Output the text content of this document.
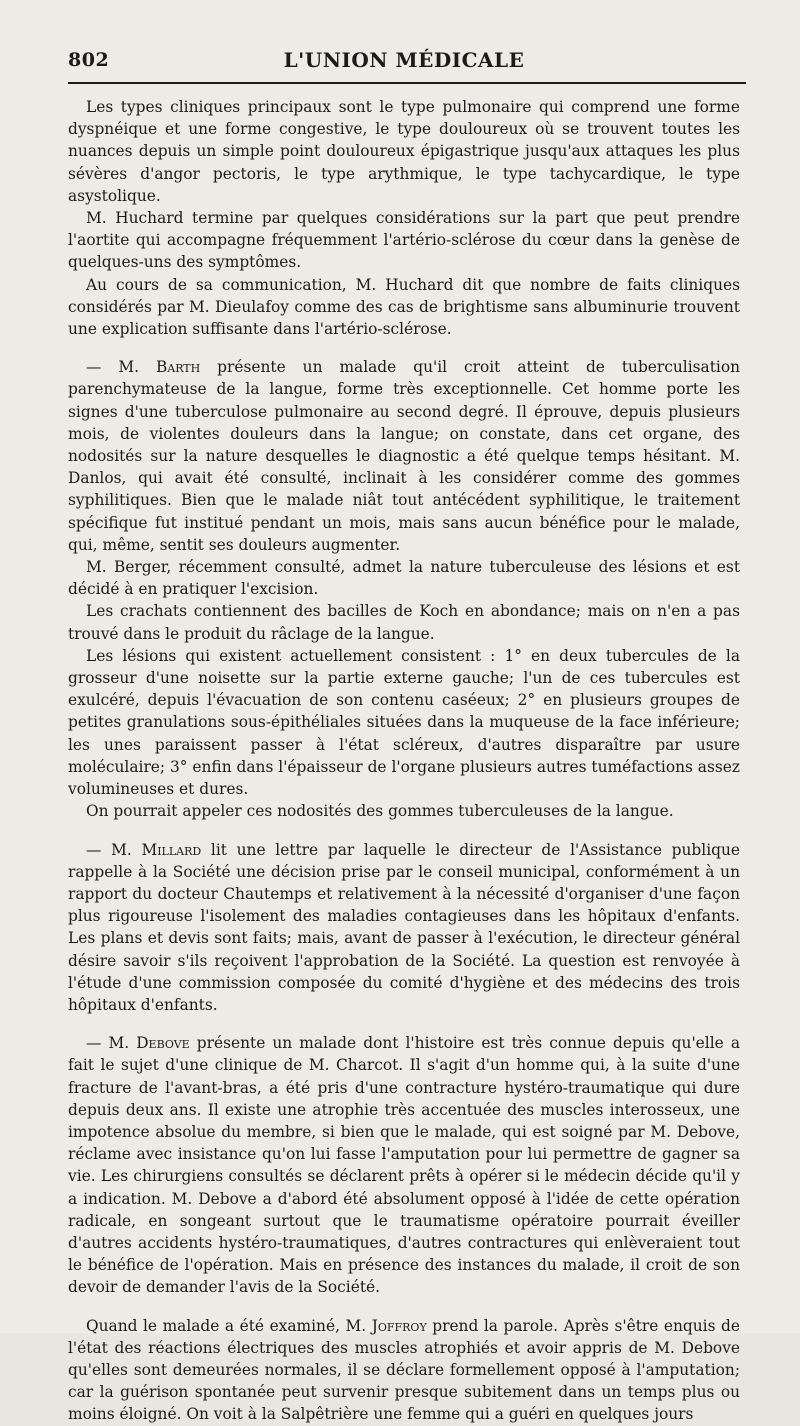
802	L'UNION MÉDICALE

Les types cliniques principaux sont le type pulmonaire qui comprend une forme dyspnéique et une forme congestive, le type douloureux où se trouvent toutes les nuances depuis un simple point douloureux épigastrique jusqu'aux attaques les plus sévères d'angor pectoris, le type arythmique, le type tachycardique, le type asystolique.

M. Huchard termine par quelques considérations sur la part que peut prendre l'aortite qui accompagne fréquemment l'artério-sclérose du cœur dans la genèse de quelques-uns des symptômes.

Au cours de sa communication, M. Huchard dit que nombre de faits cliniques considérés par M. Dieulafoy comme des cas de brightisme sans albuminurie trouvent une explication suffisante dans l'artério-sclérose.

— M. Barth présente un malade qu'il croit atteint de tuberculisation parenchymateuse de la langue, forme très exceptionnelle. Cet homme porte les signes d'une tuberculose pulmonaire au second degré. Il éprouve, depuis plusieurs mois, de violentes douleurs dans la langue; on constate, dans cet organe, des nodosités sur la nature desquelles le diagnostic a été quelque temps hésitant. M. Danlos, qui avait été consulté, inclinait à les considérer comme des gommes syphilitiques. Bien que le malade niât tout antécédent syphilitique, le traitement spécifique fut institué pendant un mois, mais sans aucun bénéfice pour le malade, qui, même, sentit ses douleurs augmenter.

M. Berger, récemment consulté, admet la nature tuberculeuse des lésions et est décidé à en pratiquer l'excision.

Les crachats contiennent des bacilles de Koch en abondance; mais on n'en a pas trouvé dans le produit du râclage de la langue.

Les lésions qui existent actuellement consistent : 1° en deux tubercules de la grosseur d'une noisette sur la partie externe gauche; l'un de ces tubercules est exulcéré, depuis l'évacuation de son contenu caséeux; 2° en plusieurs groupes de petites granulations sous-épithéliales situées dans la muqueuse de la face inférieure; les unes paraissent passer à l'état scléreux, d'autres disparaître par usure moléculaire; 3° enfin dans l'épaisseur de l'organe plusieurs autres tuméfactions assez volumineuses et dures.

On pourrait appeler ces nodosités des gommes tuberculeuses de la langue.

— M. Millard lit une lettre par laquelle le directeur de l'Assistance publique rappelle à la Société une décision prise par le conseil municipal, conformément à un rapport du docteur Chautemps et relativement à la nécessité d'organiser d'une façon plus rigoureuse l'isolement des maladies contagieuses dans les hôpitaux d'enfants. Les plans et devis sont faits; mais, avant de passer à l'exécution, le directeur général désire savoir s'ils reçoivent l'approbation de la Société. La question est renvoyée à l'étude d'une commission composée du comité d'hygiène et des médecins des trois hôpitaux d'enfants.

— M. Debove présente un malade dont l'histoire est très connue depuis qu'elle a fait le sujet d'une clinique de M. Charcot. Il s'agit d'un homme qui, à la suite d'une fracture de l'avant-bras, a été pris d'une contracture hystéro-traumatique qui dure depuis deux ans. Il existe une atrophie très accentuée des muscles interosseux, une impotence absolue du membre, si bien que le malade, qui est soigné par M. Debove, réclame avec insistance qu'on lui fasse l'amputation pour lui permettre de gagner sa vie. Les chirurgiens consultés se déclarent prêts à opérer si le médecin décide qu'il y a indication. M. Debove a d'abord été absolument opposé à l'idée de cette opération radicale, en songeant surtout que le traumatisme opératoire pourrait éveiller d'autres accidents hystéro-traumatiques, d'autres contractures qui enlèveraient tout le bénéfice de l'opération. Mais en présence des instances du malade, il croit de son devoir de demander l'avis de la Société.

Quand le malade a été examiné, M. Joffroy prend la parole. Après s'être enquis de l'état des réactions électriques des muscles atrophiés et avoir appris de M. Debove qu'elles sont demeurées normales, il se déclare formellement opposé à l'amputation; car la guérison spontanée peut survenir presque subitement dans un temps plus ou moins éloigné. On voit à la Salpêtrière une femme qui a guéri en quelques jours
